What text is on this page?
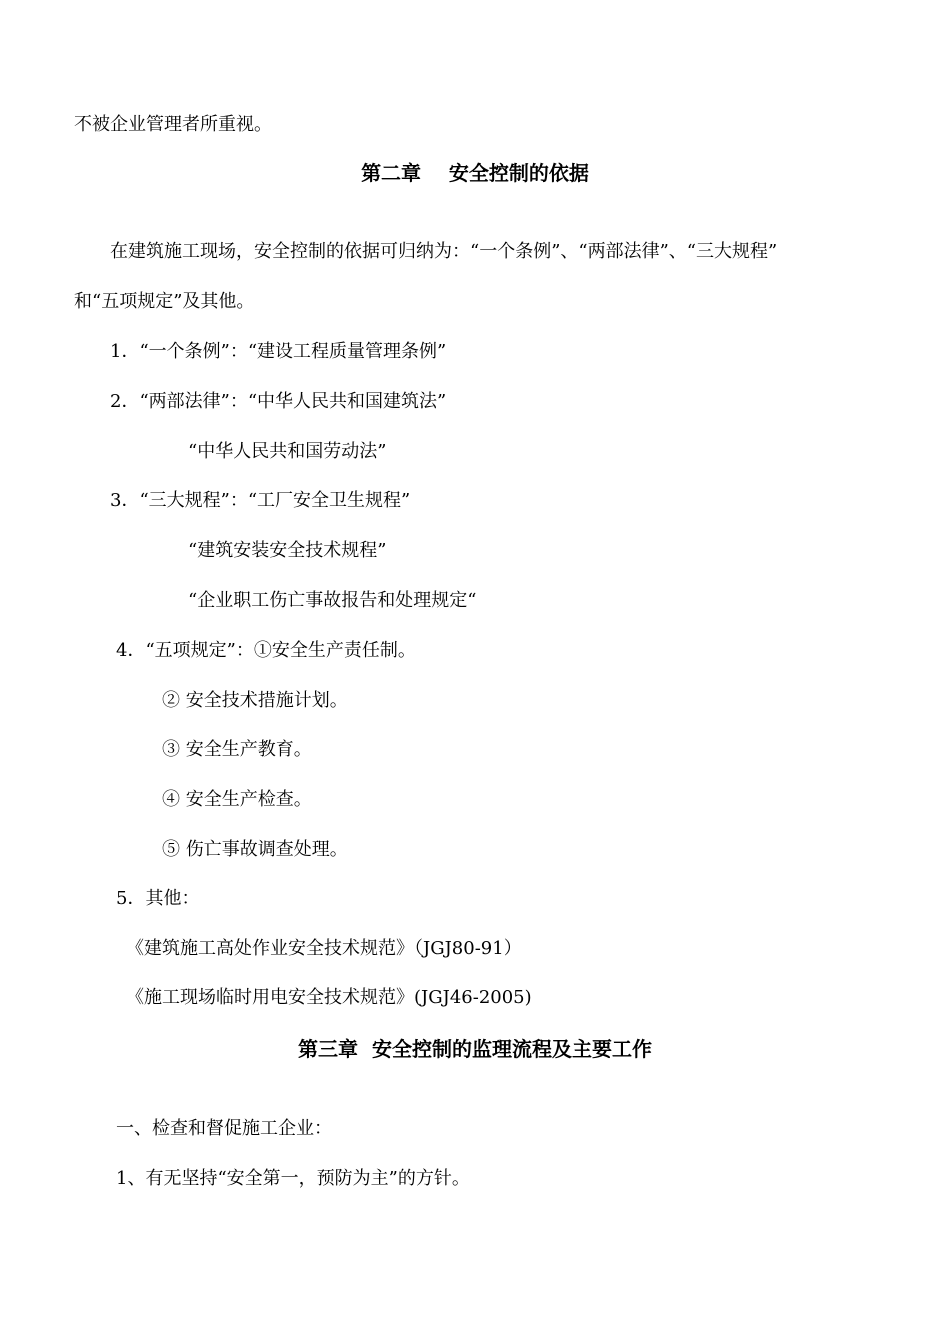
不被企业管理者所重视。
第二章    安全控制的依据
在建筑施工现场，安全控制的依据可归纳为：“一个条例”、“两部法律”、“三大规程”
和“五项规定”及其他。
1．“一个条例”：“建设工程质量管理条例”
2．“两部法律”：“中华人民共和国建筑法”
“中华人民共和国劳动法”
3．“三大规程”：“工厂安全卫生规程”
“建筑安装安全技术规程”
“企业职工伤亡事故报告和处理规定“
4．“五项规定”：①安全生产责任制。
② 安全技术措施计划。
③ 安全生产教育。
④ 安全生产检查。
⑤ 伤亡事故调查处理。
5．其他：
《建筑施工高处作业安全技术规范》（JGJ80-91）
《施工现场临时用电安全技术规范》(JGJ46-2005)
第三章  安全控制的监理流程及主要工作
一、检查和督促施工企业：
1、有无坚持“安全第一，预防为主”的方针。
